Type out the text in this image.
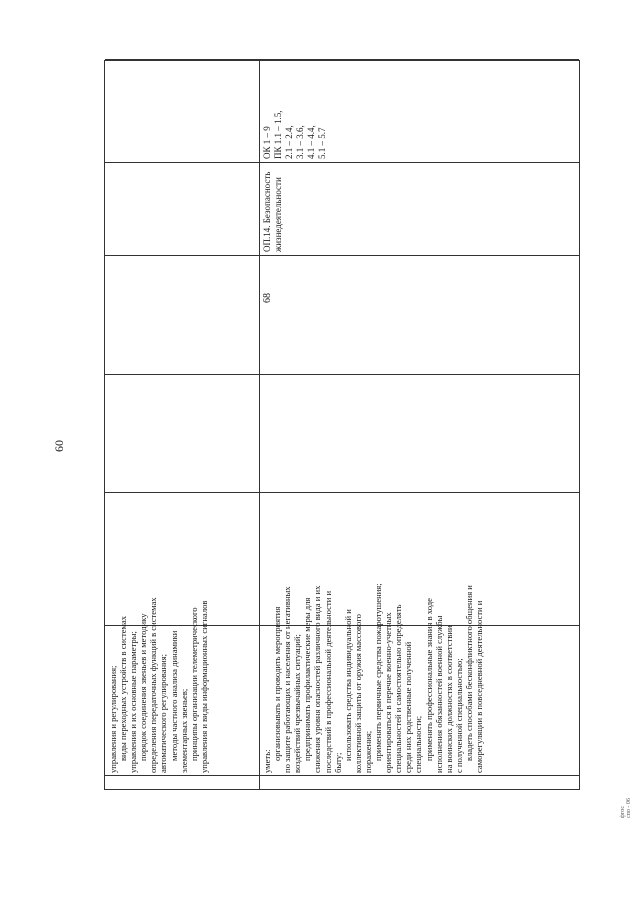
60
управления и регулирования; виды переходных устройств в системах управления и их основные параметры; порядок соединения звеньев и методику определения передаточных функций в системах автоматического регулирования; методы частного анализа динамики элементарных звеньев; принципы организации телеметрического управления и виды информационных сигналов	уметь:
организовывать и проводить мероприятия по защите работающих и населения от негативных воздействий чрезвычайных ситуаций; предпринимать профилактические меры для снижения уровня опасностей различного вида и их последствий в профессиональной деятельности и быту;
использовать средства индивидуальной и коллективной защиты от оружия массового поражения; применять первичные средства пожаротушения; ориентироваться в перечне военно-учетных специальностей и самостоятельно определять среди них родственные полученной специальности; применять профессиональные знания в ходе исполнения обязанностей военной службы на воинских должностях в соответствии с полученной специальностью; владеть способами бесконфликтного общения и саморегуляции в повседневной деятельности и
68
ОП.14. Безопасность жизнедеятельности
ОК 1 – 9 ПК 1.1 – 1.5, 2.1 – 2.4, 3.1 – 3.6, 4.1 – 4.4, 5.1 – 5.7
фгос спо - 06
